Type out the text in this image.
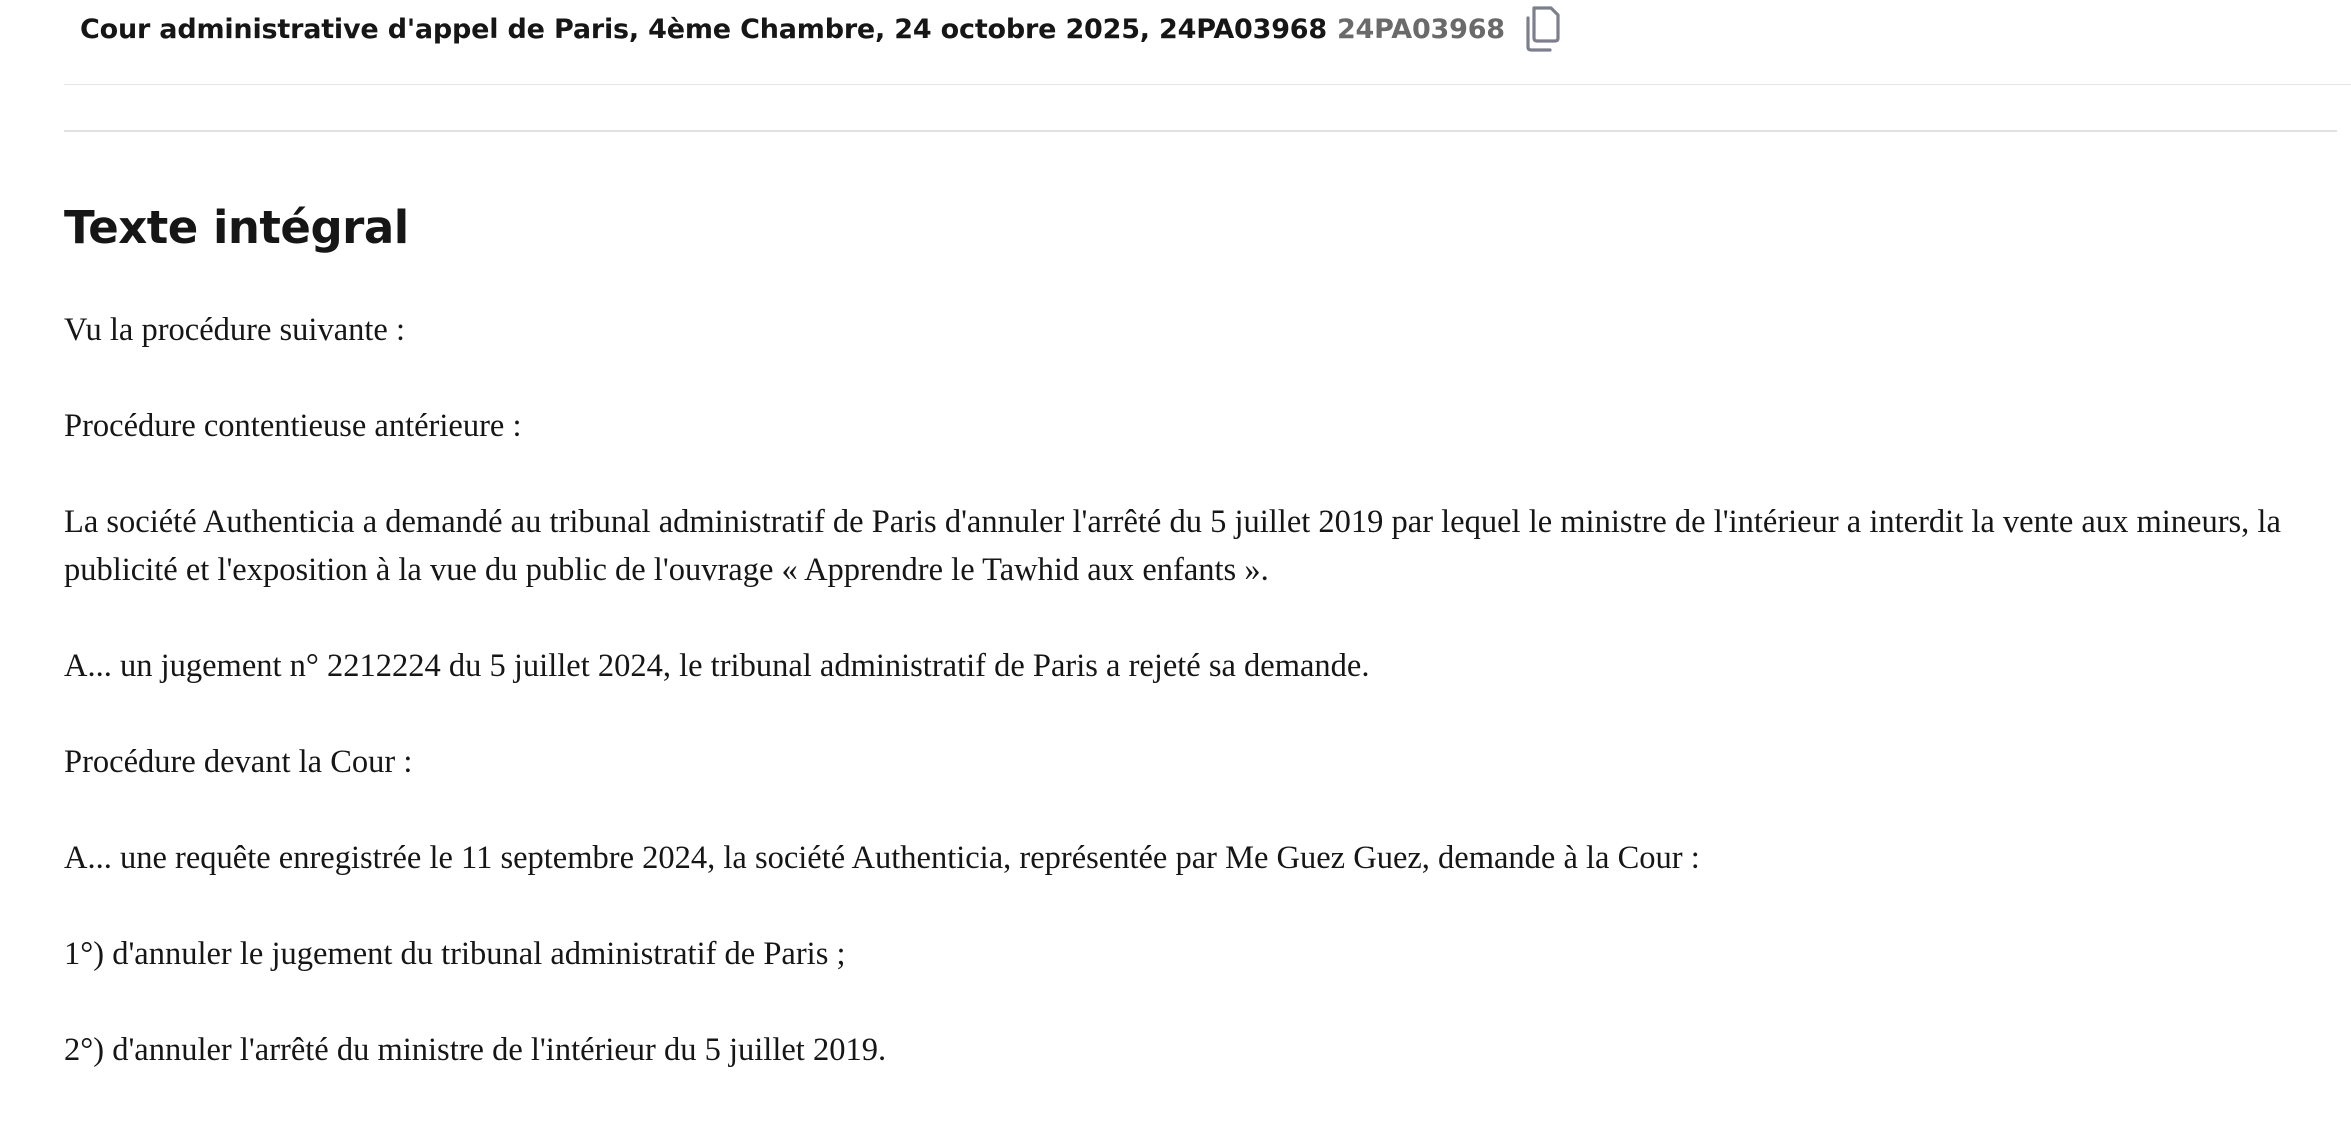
Cour administrative d'appel de Paris, 4ème Chambre, 24 octobre 2025, 24PA03968 24PA03968
Texte intégral

Vu la procédure suivante :

Procédure contentieuse antérieure :

La société Authenticia a demandé au tribunal administratif de Paris d'annuler l'arrêté du 5 juillet 2019 par lequel le ministre de l'intérieur a interdit la vente aux mineurs, la publicité et l'exposition à la vue du public de l'ouvrage « Apprendre le Tawhid aux enfants ».

A... un jugement n° 2212224 du 5 juillet 2024, le tribunal administratif de Paris a rejeté sa demande.

Procédure devant la Cour :

A... une requête enregistrée le 11 septembre 2024, la société Authenticia, représentée par Me Guez Guez, demande à la Cour :

1°) d'annuler le jugement du tribunal administratif de Paris ;

2°) d'annuler l'arrêté du ministre de l'intérieur du 5 juillet 2019.
